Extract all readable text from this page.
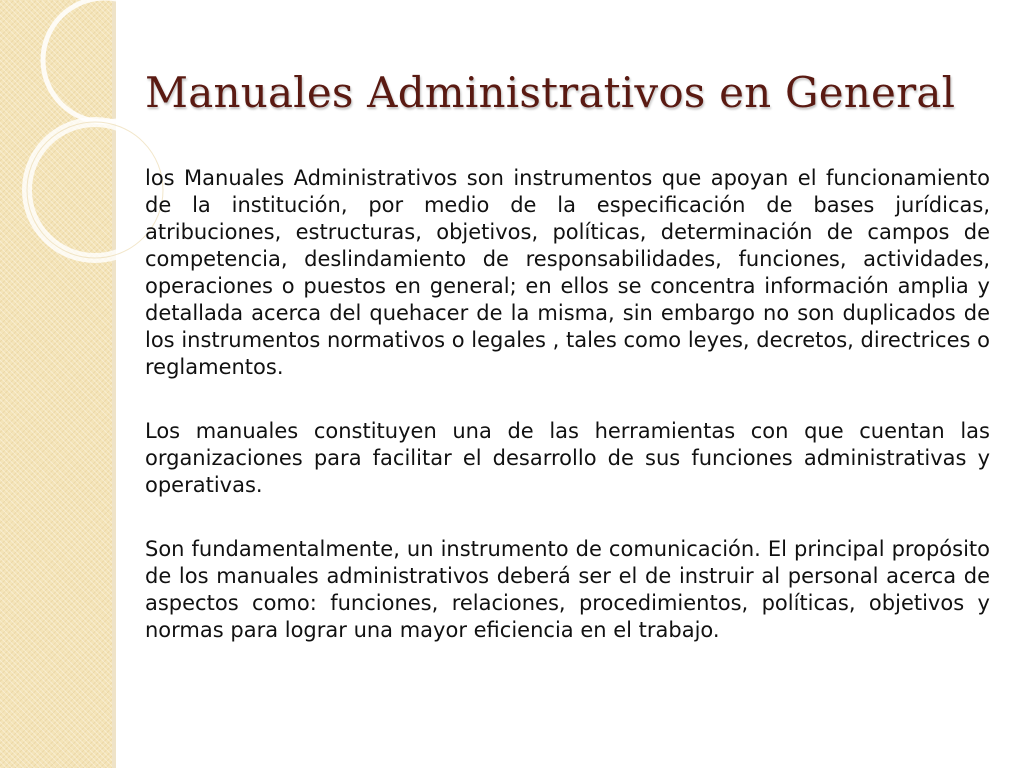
Manuales Administrativos en General

los Manuales Administrativos son instrumentos que apoyan el funcionamiento de la institución, por medio de la especificación de bases jurídicas, atribuciones, estructuras, objetivos, políticas, determinación de campos de competencia, deslindamiento de responsabilidades, funciones, actividades, operaciones o puestos en general; en ellos se concentra información amplia y detallada acerca del quehacer de la misma, sin embargo no son duplicados de los instrumentos normativos o legales , tales como leyes, decretos, directrices o reglamentos.

Los manuales constituyen una de las herramientas con que cuentan las organizaciones para facilitar el desarrollo de sus funciones administrativas y operativas.

Son fundamentalmente, un instrumento de comunicación. El principal propósito de los manuales administrativos deberá ser el de instruir al personal acerca de aspectos como: funciones, relaciones, procedimientos, políticas, objetivos y normas para lograr una mayor eficiencia en el trabajo.
